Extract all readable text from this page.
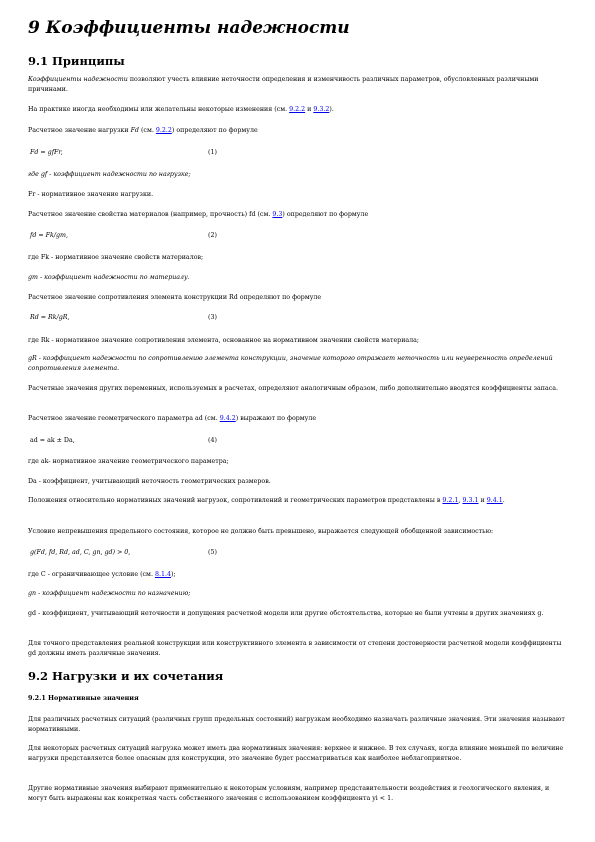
9 Коэффициенты надежности
9.1 Принципы
Коэффициенты надежности позволяют учесть влияние неточности определения и изменчивость различных параметров, обусловленных различными причинами.
На практике иногда необходимы или желательны некоторые изменения (см. 9.2.2 и 9.3.2).
Расчетное значение нагрузки Fd (см. 9.2.2) определяют по формуле
Fd = gfFr,	(1)
где gf - коэффициент надежности по нагрузке;
Fr - нормативное значение нагрузки.
Расчетное значение свойства материалов (например, прочность) fd (см. 9.3) определяют по формуле
fd = Fk/gm,	(2)
где Fk - нормативное значение свойств материалов;
gm - коэффициент надежности по материалу.
Расчетное значение сопротивления элемента конструкции Rd определяют по формуле
Rd = Rk/gR,	(3)
где Rk - нормативное значение сопротивления элемента, основанное на нормативном значении свойств материала;
gR - коэффициент надежности по сопротивлению элемента конструкции, значение которого отражает неточность или неуверенность определений сопротивления элемента.
Расчетные значения других переменных, используемых в расчетах, определяют аналогичным образом, либо дополнительно вводятся коэффициенты запаса.
Расчетное значение геометрического параметра ad (см. 9.4.2) выражают по формуле
ad = ak ± Da,	(4)
где ak- нормативное значение геометрического параметра;
Da - коэффициент, учитывающий неточность геометрических размеров.
Положения относительно нормативных значений нагрузок, сопротивлений и геометрических параметров представлены в 9.2.1, 9.3.1 и 9.4.1.
Условие непревышения предельного состояния, которое не должно быть превышено, выражается следующей обобщенной зависимостью:
g(Fd, fd, Rd, ad, C, gn, gd) > 0,	(5)
где C - ограничивающее условие (см. 8.1.4);
gn - коэффициент надежности по назначению;
gd - коэффициент, учитывающий неточности и допущения расчетной модели или другие обстоятельства, которые не были учтены в других значениях g.
Для точного представления реальной конструкции или конструктивного элемента в зависимости от степени достоверности расчетной модели коэффициенты gd должны иметь различные значения.
9.2 Нагрузки и их сочетания
9.2.1 Нормативные значения
Для различных расчетных ситуаций (различных групп предельных состояний) нагрузкам необходимо назначать различные значения. Эти значения называют нормативными.
Для некоторых расчетных ситуаций нагрузка может иметь два нормативных значения: верхнее и нижнее. В тех случаях, когда влияние меньшей по величине нагрузки представляется более опасным для конструкции, это значение будет рассматриваться как наиболее неблагоприятное.
Другие нормативные значения выбирают применительно к некоторым условиям, например представительности воздействия и геологического явления, и могут быть выражены как конкретная часть собственного значения с использованием коэффициента yi < 1.
